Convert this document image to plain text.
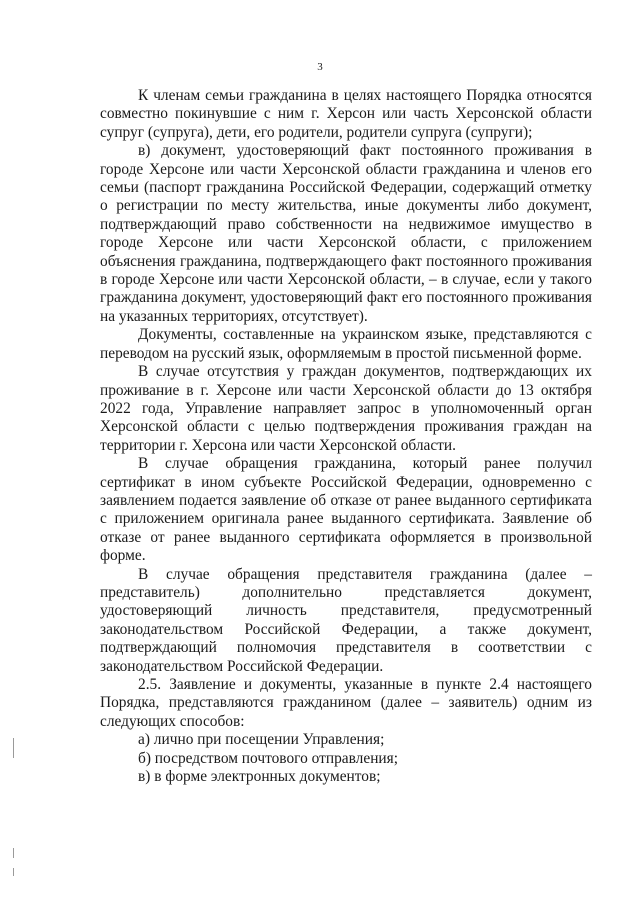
3

К членам семьи гражданина в целях настоящего Порядка относятся совместно покинувшие с ним г. Херсон или часть Херсонской области супруг (супруга), дети, его родители, родители супруга (супруги);

в) документ, удостоверяющий факт постоянного проживания в городе Херсоне или части Херсонской области гражданина и членов его семьи (паспорт гражданина Российской Федерации, содержащий отметку о регистрации по месту жительства, иные документы либо документ, подтверждающий право собственности на недвижимое имущество в городе Херсоне или части Херсонской области, с приложением объяснения гражданина, подтверждающего факт постоянного проживания в городе Херсоне или части Херсонской области, – в случае, если у такого гражданина документ, удостоверяющий факт его постоянного проживания на указанных территориях, отсутствует).

Документы, составленные на украинском языке, представляются с переводом на русский язык, оформляемым в простой письменной форме.

В случае отсутствия у граждан документов, подтверждающих их проживание в г. Херсоне или части Херсонской области до 13 октября 2022 года, Управление направляет запрос в уполномоченный орган Херсонской области с целью подтверждения проживания граждан на территории г. Херсона или части Херсонской области.

В случае обращения гражданина, который ранее получил сертификат в ином субъекте Российской Федерации, одновременно с заявлением подается заявление об отказе от ранее выданного сертификата с приложением оригинала ранее выданного сертификата. Заявление об отказе от ранее выданного сертификата оформляется в произвольной форме.

В случае обращения представителя гражданина (далее – представитель) дополнительно представляется документ, удостоверяющий личность представителя, предусмотренный законодательством Российской Федерации, а также документ, подтверждающий полномочия представителя в соответствии с законодательством Российской Федерации.

2.5. Заявление и документы, указанные в пункте 2.4 настоящего Порядка, представляются гражданином (далее – заявитель) одним из следующих способов:

а) лично при посещении Управления;

б) посредством почтового отправления;

в) в форме электронных документов;
